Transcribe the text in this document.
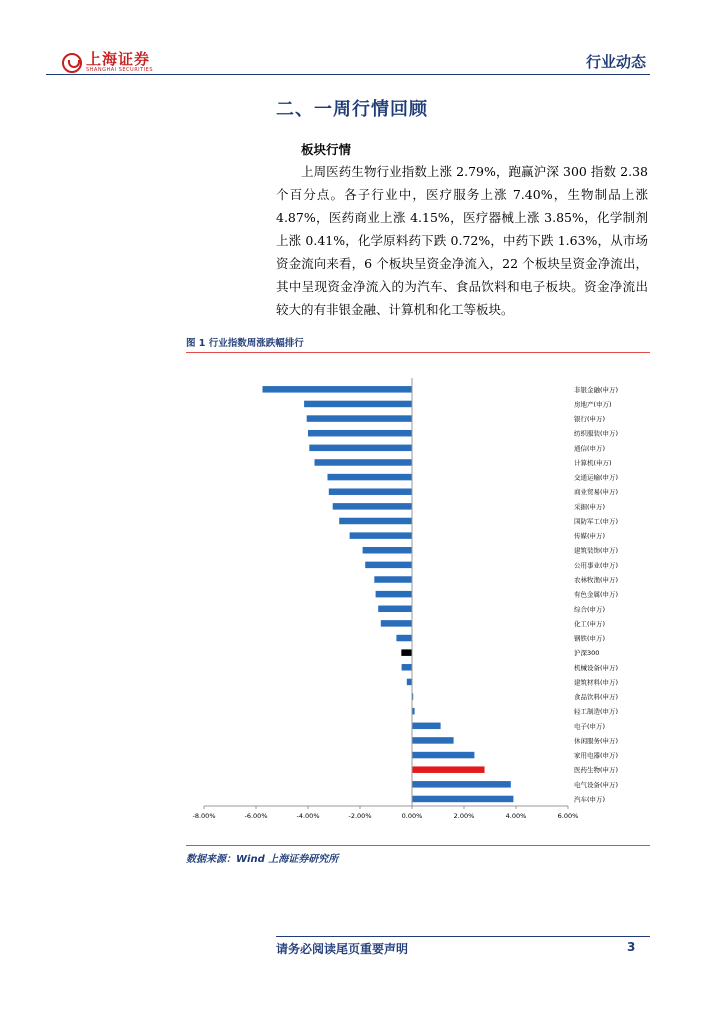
上海证券
SHANGHAI SECURITIES	行业动态
二、一周行情回顾
板块行情

上周医药生物行业指数上涨 2.79%，跑赢沪深 300 指数 2.38 个百分点。各子行业中，医疗服务上涨 7.40%，生物制品上涨 4.87%，医药商业上涨 4.15%，医疗器械上涨 3.85%，化学制剂上涨 0.41%，化学原料药下跌 0.72%，中药下跌 1.63%，从市场资金流向来看，6 个板块呈资金净流入，22 个板块呈资金净流出，其中呈现资金净流入的为汽车、食品饮料和电子板块。资金净流出较大的有非银金融、计算机和化工等板块。

图 1 行业指数周涨跌幅排行
-8.00%	-6.00%	-4.00%	-2.00%	0.00%	2.00%	4.00%	6.00%
非银金融(申万)
房地产(申万)
银行(申万)
纺织服装(申万)
通信(申万)
计算机(申万)
交通运输(申万)
商业贸易(申万)
采掘(申万)
国防军工(申万)
传媒(申万)
建筑装饰(申万)
公用事业(申万)
农林牧渔(申万)
有色金属(申万)
综合(申万)
化工(申万)
钢铁(申万)
沪深300
机械设备(申万)
建筑材料(申万)
食品饮料(申万)
轻工制造(申万)
电子(申万)
休闲服务(申万)
家用电器(申万)
医药生物(申万)
电气设备(申万)
汽车(申万)
数据来源：Wind 上海证券研究所
请务必阅读尾页重要声明	3
